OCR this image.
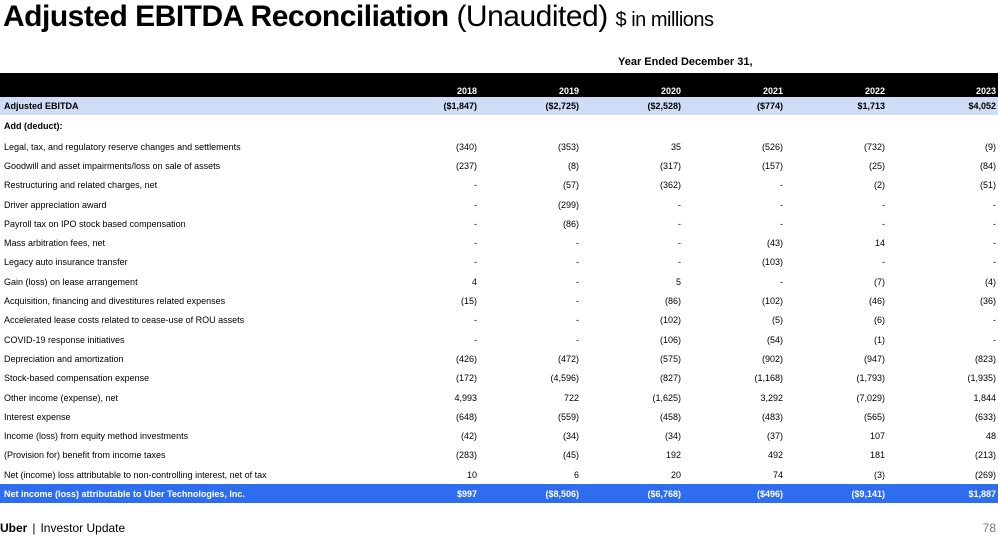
Adjusted EBITDA Reconciliation (Unaudited) $ in millions
Year Ended December 31,
	2018	2019	2020	2021	2022	2023
Adjusted EBITDA	($1,847)	($2,725)	($2,528)	($774)	$1,713	$4,052
Add (deduct):						
Legal, tax, and regulatory reserve changes and settlements	(340)	(353)	35	(526)	(732)	(9)
Goodwill and asset impairments/loss on sale of assets	(237)	(8)	(317)	(157)	(25)	(84)
Restructuring and related charges, net	-	(57)	(362)	-	(2)	(51)
Driver appreciation award	-	(299)	-	-	-	-
Payroll tax on IPO stock based compensation	-	(86)	-	-	-	-
Mass arbitration fees, net	-	-	-	(43)	14	-
Legacy auto insurance transfer	-	-	-	(103)	-	-
Gain (loss) on lease arrangement	4	-	5	-	(7)	(4)
Acquisition, financing and divestitures related expenses	(15)	-	(86)	(102)	(46)	(36)
Accelerated lease costs related to cease-use of ROU assets	-	-	(102)	(5)	(6)	-
COVID-19 response initiatives	-	-	(106)	(54)	(1)	-
Depreciation and amortization	(426)	(472)	(575)	(902)	(947)	(823)
Stock-based compensation expense	(172)	(4,596)	(827)	(1,168)	(1,793)	(1,935)
Other income (expense), net	4,993	722	(1,625)	3,292	(7,029)	1,844
Interest expense	(648)	(559)	(458)	(483)	(565)	(633)
Income (loss) from equity method investments	(42)	(34)	(34)	(37)	107	48
(Provision for) benefit from income taxes	(283)	(45)	192	492	181	(213)
Net (income) loss attributable to non-controlling interest, net of tax	10	6	20	74	(3)	(269)
Net income (loss) attributable to Uber Technologies, Inc.	$997	($8,506)	($6,768)	($496)	($9,141)	$1,887
Uber | Investor Update	78
